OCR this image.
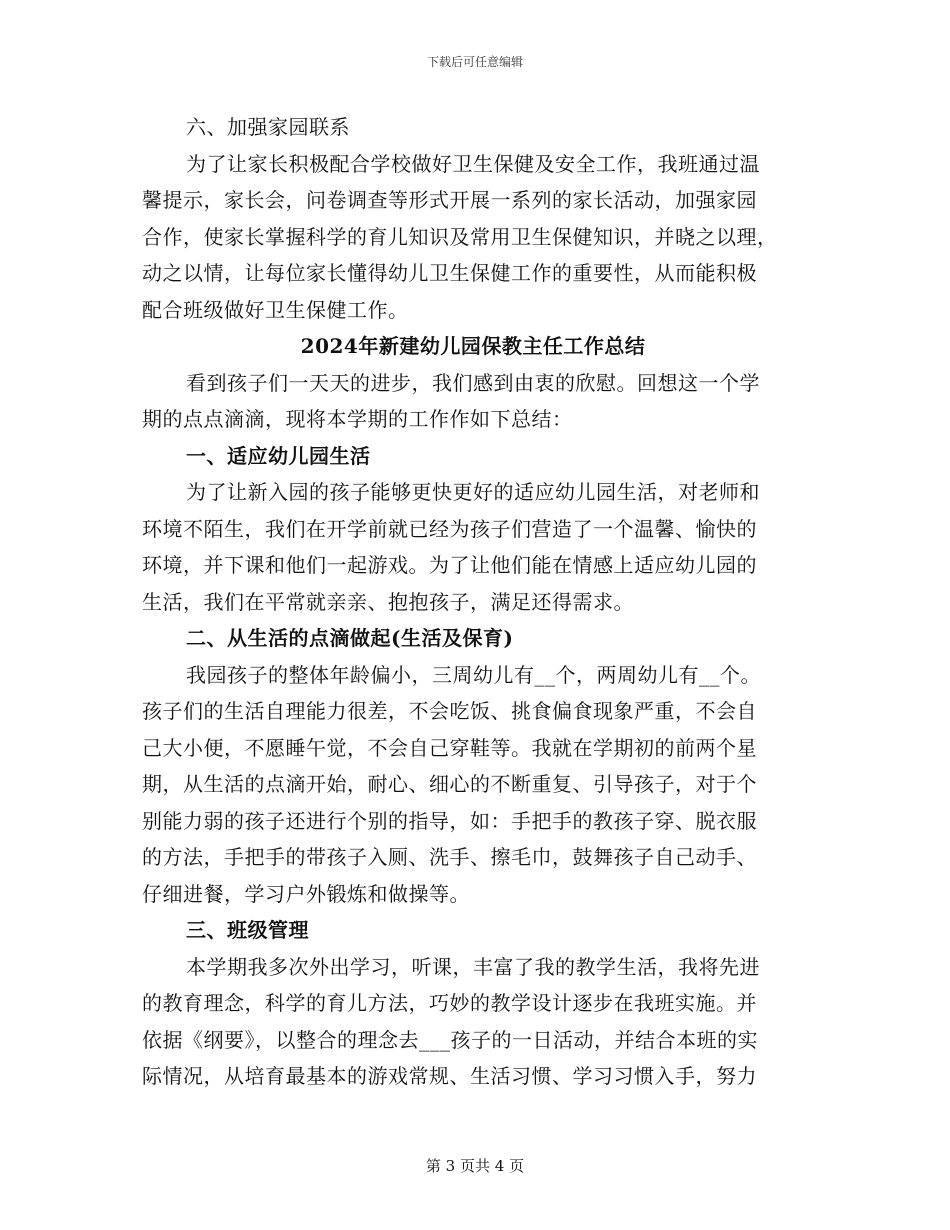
下载后可任意编辑
六、加强家园联系
为了让家长积极配合学校做好卫生保健及安全工作，我班通过温
馨提示，家长会，问卷调查等形式开展一系列的家长活动，加强家园
合作，使家长掌握科学的育儿知识及常用卫生保健知识，并晓之以理，
动之以情，让每位家长懂得幼儿卫生保健工作的重要性，从而能积极
配合班级做好卫生保健工作。
2024年新建幼儿园保教主任工作总结
看到孩子们一天天的进步，我们感到由衷的欣慰。回想这一个学
期的点点滴滴，现将本学期的工作作如下总结：
一、适应幼儿园生活
为了让新入园的孩子能够更快更好的适应幼儿园生活，对老师和
环境不陌生，我们在开学前就已经为孩子们营造了一个温馨、愉快的
环境，并下课和他们一起游戏。为了让他们能在情感上适应幼儿园的
生活，我们在平常就亲亲、抱抱孩子，满足还得需求。
二、从生活的点滴做起(生活及保育)
我园孩子的整体年龄偏小，三周幼儿有__个，两周幼儿有__个。
孩子们的生活自理能力很差，不会吃饭、挑食偏食现象严重，不会自
己大小便，不愿睡午觉，不会自己穿鞋等。我就在学期初的前两个星
期，从生活的点滴开始，耐心、细心的不断重复、引导孩子，对于个
别能力弱的孩子还进行个别的指导，如：手把手的教孩子穿、脱衣服
的方法，手把手的带孩子入厕、洗手、擦毛巾，鼓舞孩子自己动手、
仔细进餐，学习户外锻炼和做操等。
三、班级管理
本学期我多次外出学习，听课，丰富了我的教学生活，我将先进
的教育理念，科学的育儿方法，巧妙的教学设计逐步在我班实施。并
依据《纲要》，以整合的理念去___孩子的一日活动，并结合本班的实
际情况，从培育最基本的游戏常规、生活习惯、学习习惯入手，努力
第 3 页共 4 页
